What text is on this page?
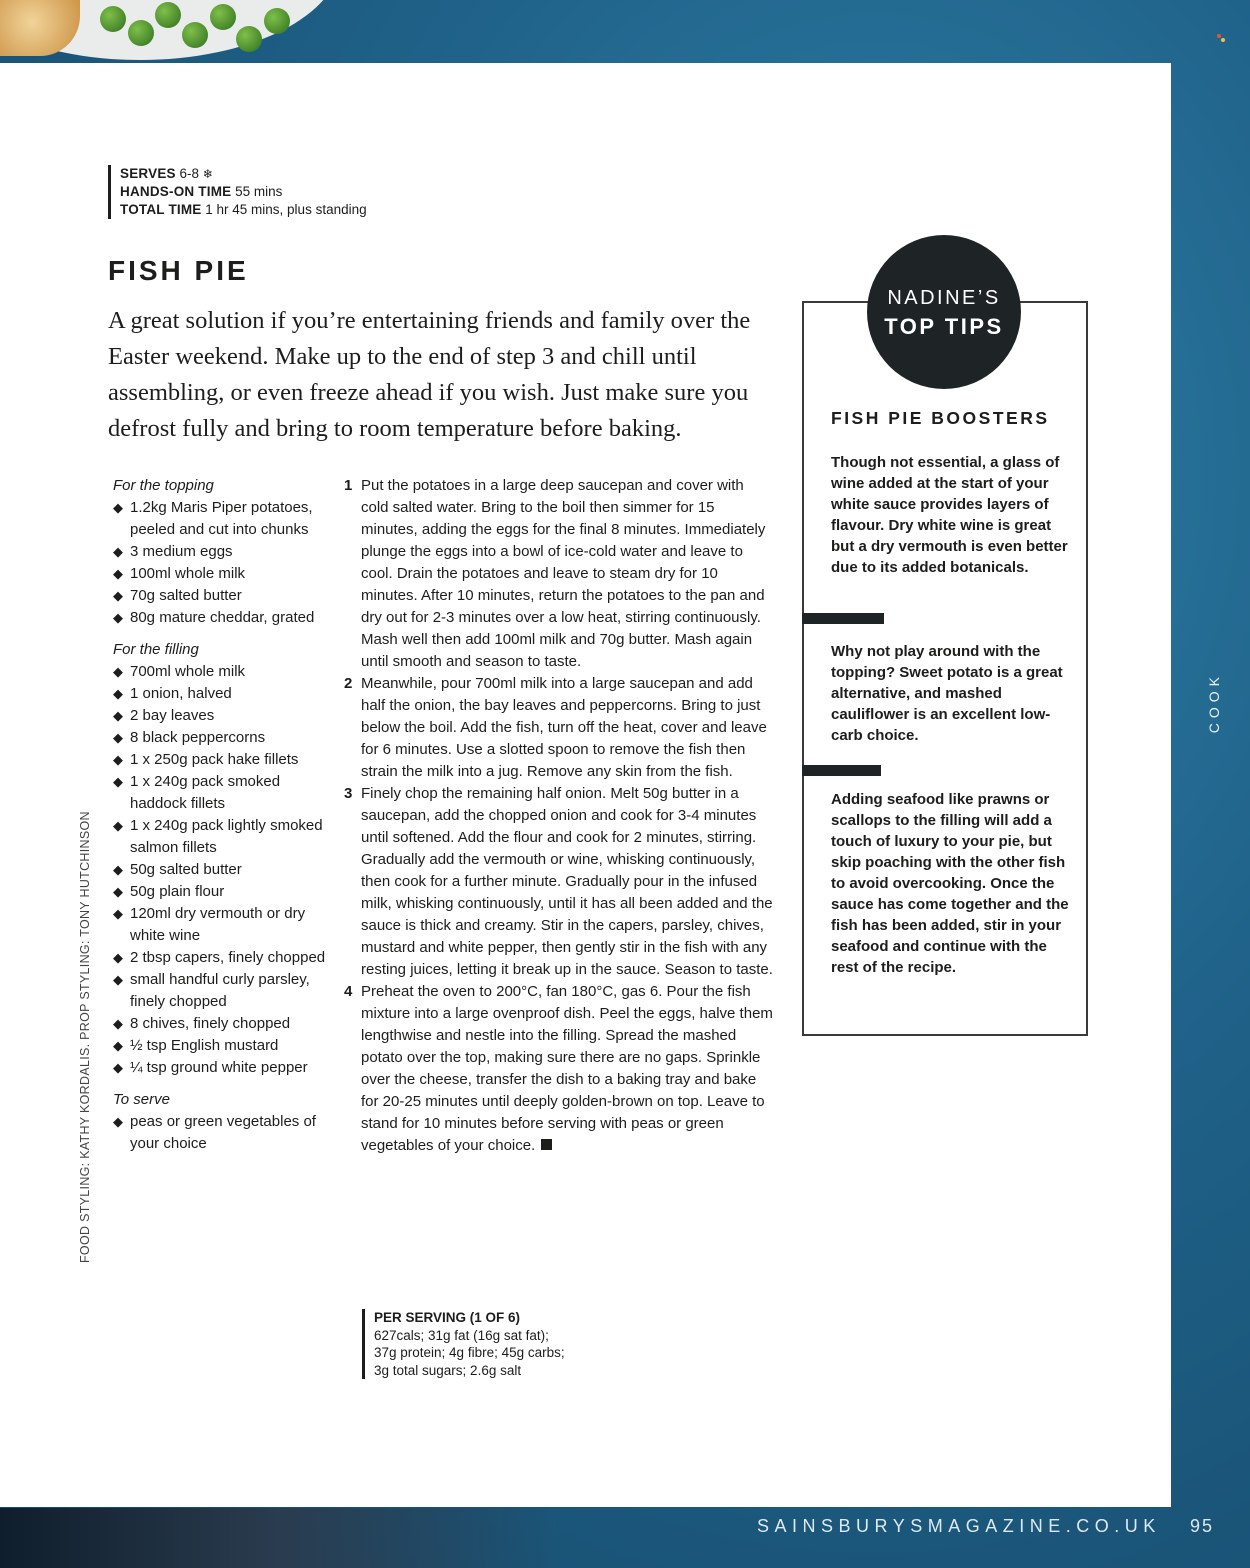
SERVES 6-8 ❄
HANDS-ON TIME 55 mins
TOTAL TIME 1 hr 45 mins, plus standing
FISH PIE

A great solution if you’re entertaining friends and family over the Easter weekend. Make up to the end of step 3 and chill until assembling, or even freeze ahead if you wish. Just make sure you defrost fully and bring to room temperature before baking.

For the topping

◆ 1.2kg Maris Piper potatoes, peeled and cut into chunks
◆ 3 medium eggs
◆ 100ml whole milk
◆ 70g salted butter
◆ 80g mature cheddar, grated

For the filling

◆ 700ml whole milk
◆ 1 onion, halved
◆ 2 bay leaves
◆ 8 black peppercorns
◆ 1 x 250g pack hake fillets
◆ 1 x 240g pack smoked haddock fillets
◆ 1 x 240g pack lightly smoked salmon fillets
◆ 50g salted butter
◆ 50g plain flour
◆ 120ml dry vermouth or dry white wine
◆ 2 tbsp capers, finely chopped
◆ small handful curly parsley, finely chopped
◆ 8 chives, finely chopped
◆ ½ tsp English mustard
◆ ¼ tsp ground white pepper

To serve

◆ peas or green vegetables of your choice
1 Put the potatoes in a large deep saucepan and cover with cold salted water. Bring to the boil then simmer for 15 minutes, adding the eggs for the final 8 minutes. Immediately plunge the eggs into a bowl of ice-cold water and leave to cool. Drain the potatoes and leave to steam dry for 10 minutes. After 10 minutes, return the potatoes to the pan and dry out for 2-3 minutes over a low heat, stirring continuously. Mash well then add 100ml milk and 70g butter. Mash again until smooth and season to taste.
2 Meanwhile, pour 700ml milk into a large saucepan and add half the onion, the bay leaves and peppercorns. Bring to just below the boil. Add the fish, turn off the heat, cover and leave for 6 minutes. Use a slotted spoon to remove the fish then strain the milk into a jug. Remove any skin from the fish.
3 Finely chop the remaining half onion. Melt 50g butter in a saucepan, add the chopped onion and cook for 3-4 minutes until softened. Add the flour and cook for 2 minutes, stirring. Gradually add the vermouth or wine, whisking continuously, then cook for a further minute. Gradually pour in the infused milk, whisking continuously, until it has all been added and the sauce is thick and creamy. Stir in the capers, parsley, chives, mustard and white pepper, then gently stir in the fish with any resting juices, letting it break up in the sauce. Season to taste.
4 Preheat the oven to 200°C, fan 180°C, gas 6. Pour the fish mixture into a large ovenproof dish. Peel the eggs, halve them lengthwise and nestle into the filling. Spread the mashed potato over the top, making sure there are no gaps. Sprinkle over the cheese, transfer the dish to a baking tray and bake for 20-25 minutes until deeply golden-brown on top. Leave to stand for 10 minutes before serving with peas or green vegetables of your choice.
PER SERVING (1 OF 6)
627cals; 31g fat (16g sat fat);
37g protein; 4g fibre; 45g carbs;
3g total sugars; 2.6g salt
FOOD STYLING: KATHY KORDALIS. PROP STYLING: TONY HUTCHINSON
NADINE’S
TOP TIPS
FISH PIE BOOSTERS

Though not essential, a glass of wine added at the start of your white sauce provides layers of flavour. Dry white wine is great but a dry vermouth is even better due to its added botanicals.

Why not play around with the topping? Sweet potato is a great alternative, and mashed cauliflower is an excellent low-carb choice.

Adding seafood like prawns or scallops to the filling will add a touch of luxury to your pie, but skip poaching with the other fish to avoid overcooking. Once the sauce has come together and the fish has been added, stir in your seafood and continue with the rest of the recipe.

COOK
SAINSBURYSMAGAZINE.CO.UK 95
